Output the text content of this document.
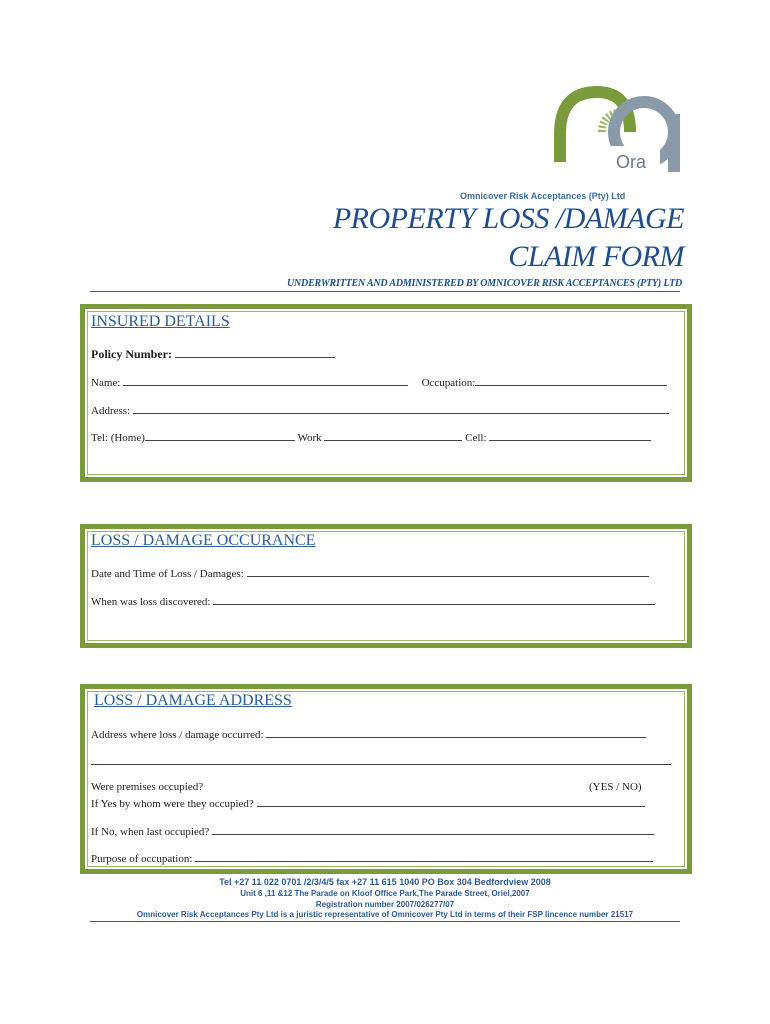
Ora
Omnicover Risk Acceptances (Pty) Ltd
PROPERTY LOSS /DAMAGE
CLAIM FORM
UNDERWRITTEN AND ADMINISTERED BY OMNICOVER RISK ACCEPTANCES (PTY) LTD
INSURED DETAILS
Policy Number:
Name:	Occupation:
Address:
Tel: (Home)	Work	Cell:
LOSS / DAMAGE OCCURANCE
Date and Time of Loss / Damages:
When was loss discovered:
LOSS / DAMAGE ADDRESS
Address where loss / damage occurred:
Were premises occupied?	(YES / NO)
If Yes by whom were they occupied?
If No, when last occupied?
Purpose of occupation:
Tel +27 11 022 0701 /2/3/4/5 fax +27 11 615 1040 PO Box 304 Bedfordview 2008
Unit 6 ,11 &12 The Parade on Kloof Office Park,The Parade Street, Oriel,2007
Registration number 2007/026277/07
Omnicover Risk Acceptances Pty Ltd is a juristic representative of Omnicover Pty Ltd in terms of their FSP lincence number 21517
